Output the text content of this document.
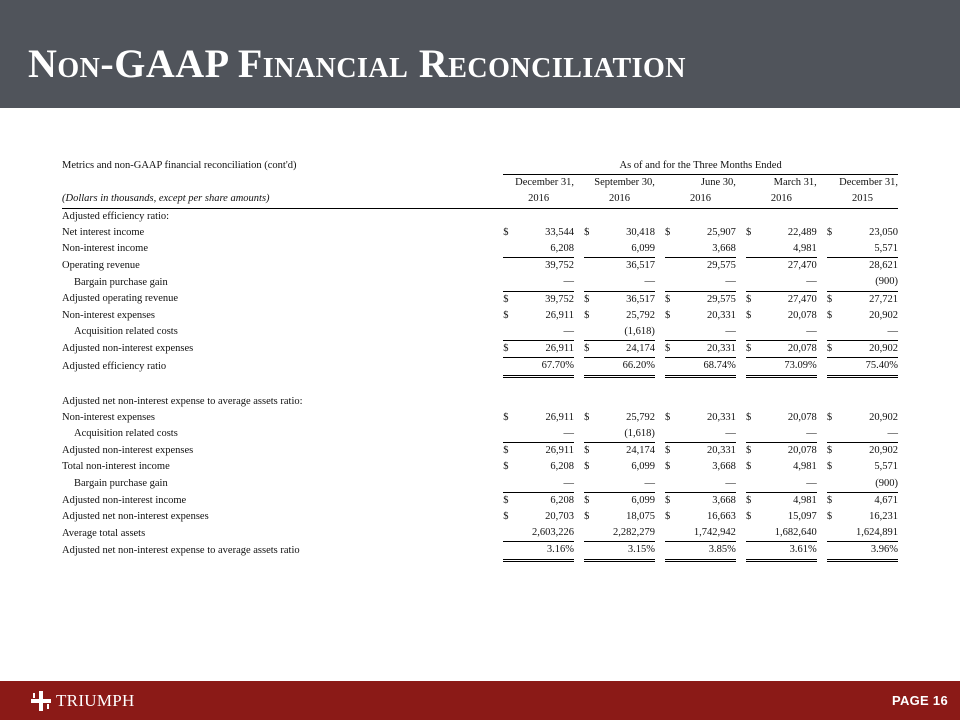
Non-GAAP Financial Reconciliation
Metrics and non-GAAP financial reconciliation (cont'd)	As of and for the Three Months Ended													
	December 31,			September 30,			June 30,			March 31,			December 31,	
(Dollars in thousands, except per share amounts)	2016			2016			2016			2016			2015	
Adjusted efficiency ratio:														
Net interest income	$	33,544		$	30,418		$	25,907		$	22,489		$	23,050
Non-interest income		6,208			6,099			3,668			4,981			5,571
Operating revenue		39,752			36,517			29,575			27,470			28,621
Bargain purchase gain		—			—			—			—			(900)
Adjusted operating revenue	$	39,752		$	36,517		$	29,575		$	27,470		$	27,721
Non-interest expenses	$	26,911		$	25,792		$	20,331		$	20,078		$	20,902
Acquisition related costs		—			(1,618)			—			—			—
Adjusted non-interest expenses	$	26,911		$	24,174		$	20,331		$	20,078		$	20,902
Adjusted efficiency ratio		67.70%			66.20%			68.74%			73.09%			75.40%

Adjusted net non-interest expense to average assets ratio:														
Non-interest expenses	$	26,911		$	25,792		$	20,331		$	20,078		$	20,902
Acquisition related costs		—			(1,618)			—			—			—
Adjusted non-interest expenses	$	26,911		$	24,174		$	20,331		$	20,078		$	20,902
Total non-interest income	$	6,208		$	6,099		$	3,668		$	4,981		$	5,571
Bargain purchase gain		—			—			—			—			(900)
Adjusted non-interest income	$	6,208		$	6,099		$	3,668		$	4,981		$	4,671
Adjusted net non-interest expenses	$	20,703		$	18,075		$	16,663		$	15,097		$	16,231
Average total assets		2,603,226			2,282,279			1,742,942			1,682,640			1,624,891
Adjusted net non-interest expense to average assets ratio		3.16%			3.15%			3.85%			3.61%			3.96%
TRIUMPH	PAGE 16
